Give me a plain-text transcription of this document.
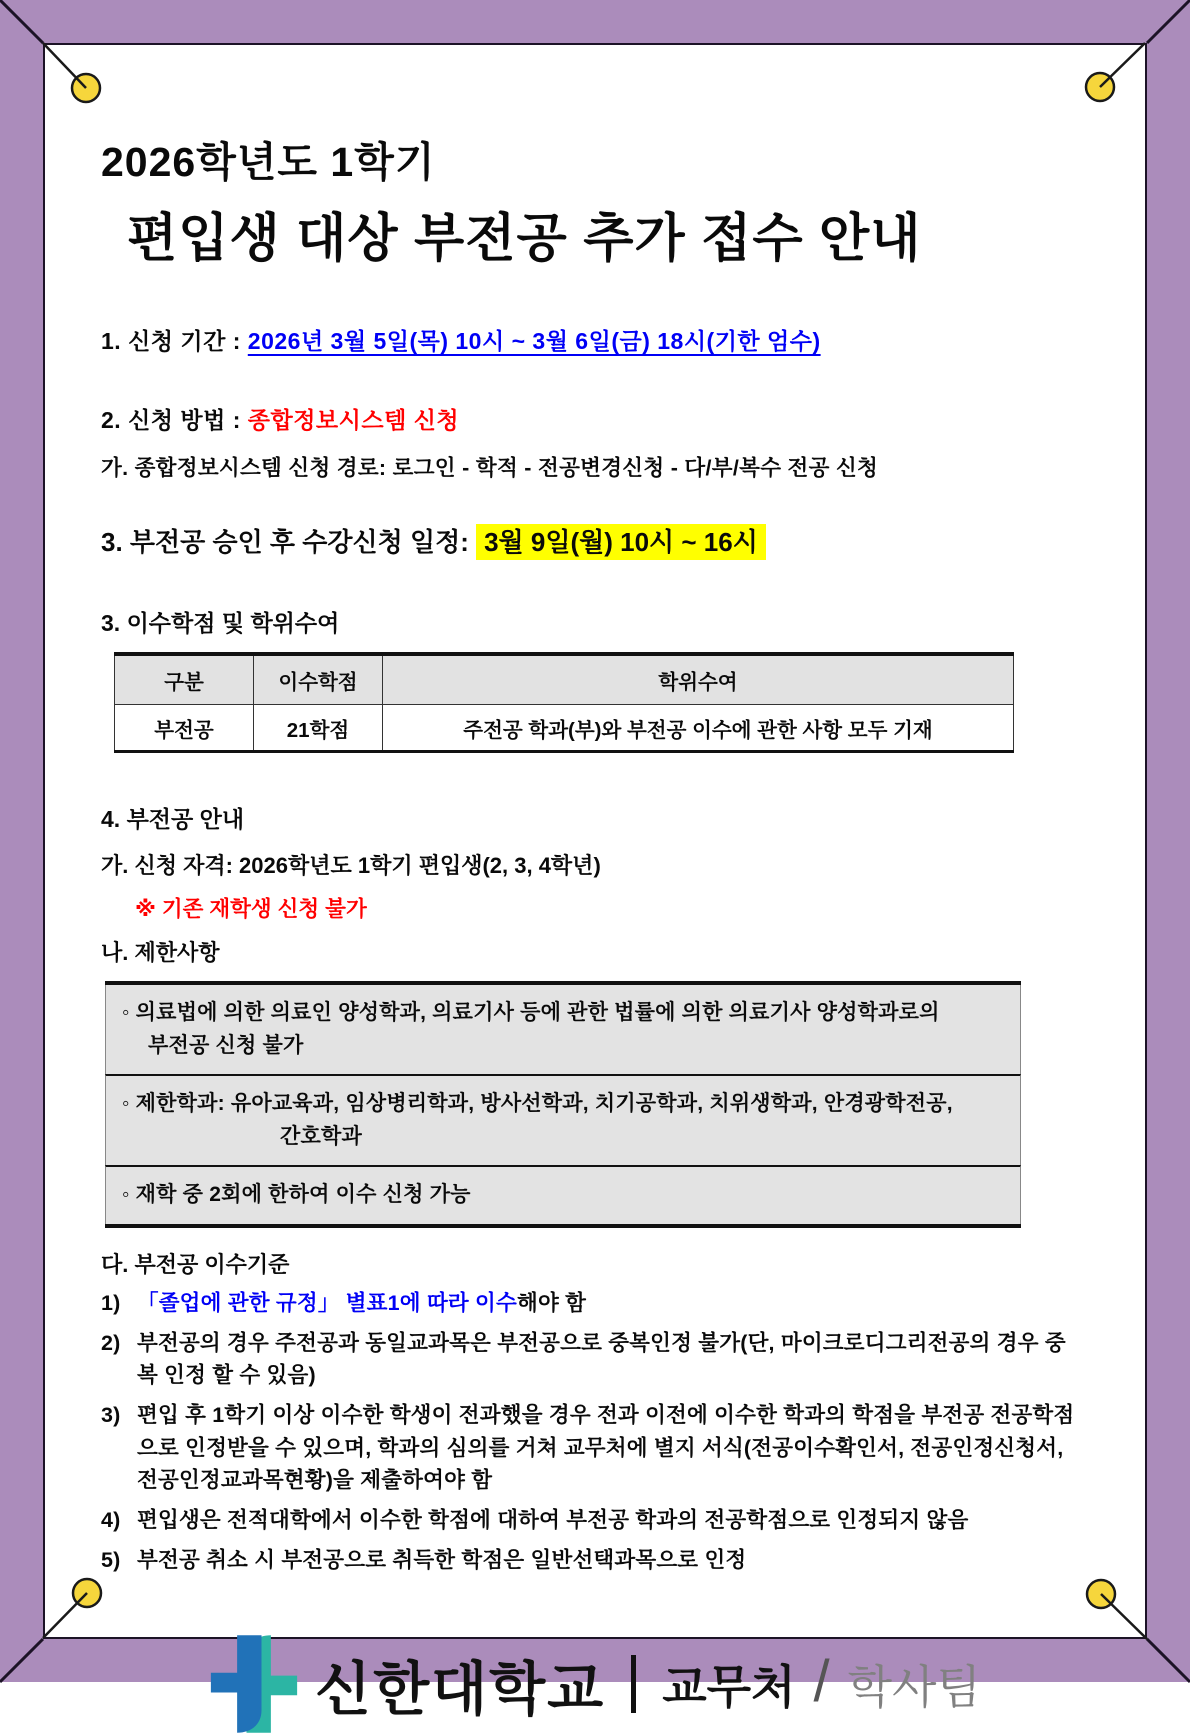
2026학년도 1학기
편입생 대상 부전공 추가 접수 안내
1. 신청 기간 : 2026년 3월 5일(목) 10시 ~ 3월 6일(금) 18시(기한 엄수)
2. 신청 방법 : 종합정보시스템 신청
가. 종합정보시스템 신청 경로: 로그인 - 학적 - 전공변경신청 - 다/부/복수 전공 신청
3. 부전공 승인 후 수강신청 일정: 3월 9일(월) 10시 ~ 16시
3. 이수학점 및 학위수여
구분	이수학점	학위수여
부전공	21학점	주전공 학과(부)와 부전공 이수에 관한 사항 모두 기재
4. 부전공 안내
가. 신청 자격: 2026학년도 1학기 편입생(2, 3, 4학년)
※ 기존 재학생 신청 불가
나. 제한사항
◦ 의료법에 의한 의료인 양성학과, 의료기사 등에 관한 법률에 의한 의료기사 양성학과로의
부전공 신청 불가
◦ 제한학과: 유아교육과, 임상병리학과, 방사선학과, 치기공학과, 치위생학과, 안경광학전공,
간호학과
◦ 재학 중 2회에 한하여 이수 신청 가능
다. 부전공 이수기준
1) 「졸업에 관한 규정」 별표1에 따라 이수해야 함
2) 부전공의 경우 주전공과 동일교과목은 부전공으로 중복인정 불가(단, 마이크로디그리전공의 경우 중복 인정 할 수 있음)
3) 편입 후 1학기 이상 이수한 학생이 전과했을 경우 전과 이전에 이수한 학과의 학점을 부전공 전공학점으로 인정받을 수 있으며, 학과의 심의를 거쳐 교무처에 별지 서식(전공이수확인서, 전공인정신청서, 전공인정교과목현황)을 제출하여야 함
4) 편입생은 전적대학에서 이수한 학점에 대하여 부전공 학과의 전공학점으로 인정되지 않음
5) 부전공 취소 시 부전공으로 취득한 학점은 일반선택과목으로 인정
신한대학교 교무처 / 학사팀
